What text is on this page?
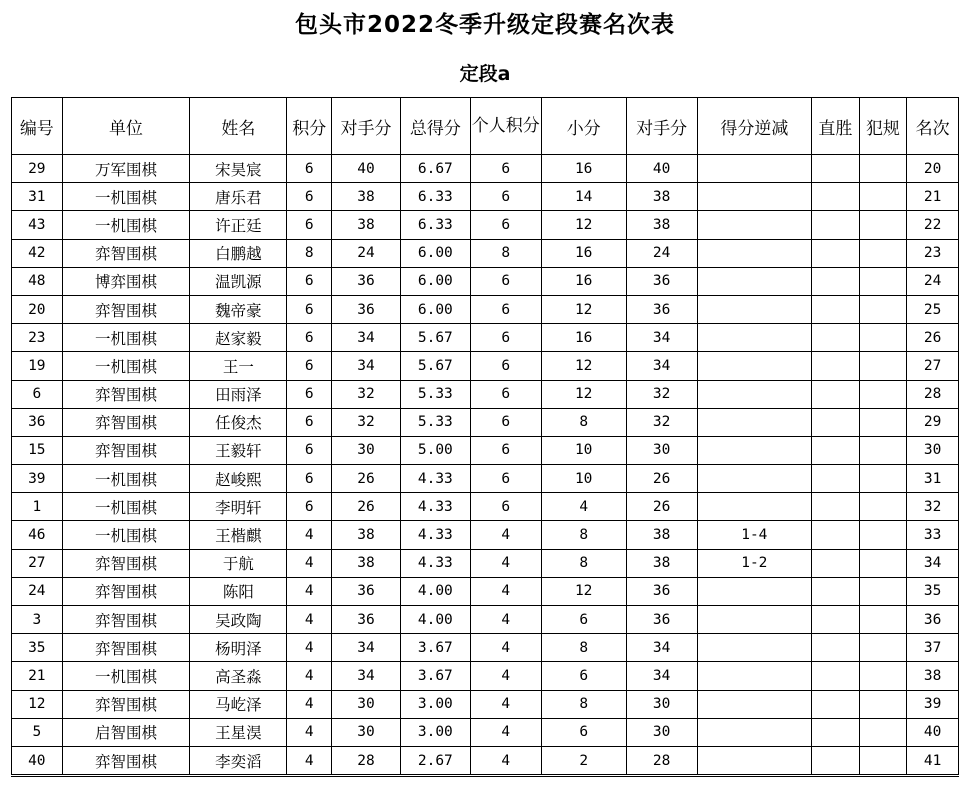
包头市2022冬季升级定段赛名次表
定段a
编号	单位	姓名	积分	对手分	总得分	个人积分	小分	对手分	得分逆减	直胜	犯规	名次
29	万军围棋	宋昊宸	6	40	6.67	6	16	40				20
31	一机围棋	唐乐君	6	38	6.33	6	14	38				21
43	一机围棋	许正廷	6	38	6.33	6	12	38				22
42	弈智围棋	白鹏越	8	24	6.00	8	16	24				23
48	博弈围棋	温凯源	6	36	6.00	6	16	36				24
20	弈智围棋	魏帝豪	6	36	6.00	6	12	36				25
23	一机围棋	赵家毅	6	34	5.67	6	16	34				26
19	一机围棋	王一	6	34	5.67	6	12	34				27
6	弈智围棋	田雨泽	6	32	5.33	6	12	32				28
36	弈智围棋	任俊杰	6	32	5.33	6	8	32				29
15	弈智围棋	王毅轩	6	30	5.00	6	10	30				30
39	一机围棋	赵峻熙	6	26	4.33	6	10	26				31
1	一机围棋	李明轩	6	26	4.33	6	4	26				32
46	一机围棋	王楷麒	4	38	4.33	4	8	38	1-4			33
27	弈智围棋	于航	4	38	4.33	4	8	38	1-2			34
24	弈智围棋	陈阳	4	36	4.00	4	12	36				35
3	弈智围棋	吴政陶	4	36	4.00	4	6	36				36
35	弈智围棋	杨明泽	4	34	3.67	4	8	34				37
21	一机围棋	高圣淼	4	34	3.67	4	6	34				38
12	弈智围棋	马屹泽	4	30	3.00	4	8	30				39
5	启智围棋	王星淏	4	30	3.00	4	6	30				40
40	弈智围棋	李奕滔	4	28	2.67	4	2	28				41
